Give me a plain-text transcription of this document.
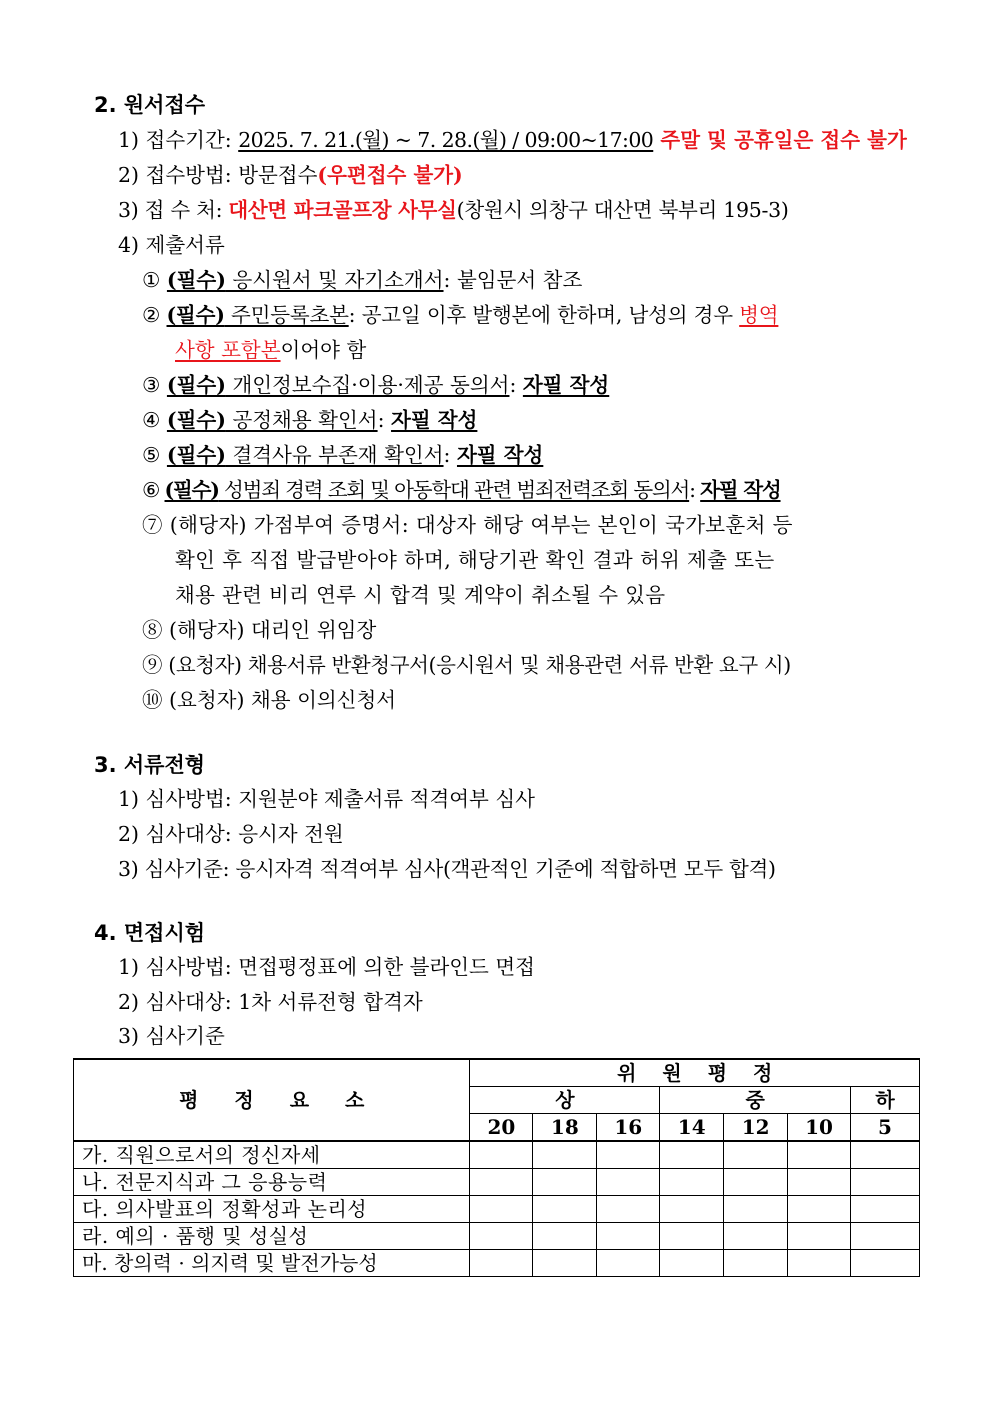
2. 원서접수
1) 접수기간: 2025. 7. 21.(월) ~ 7. 28.(월) / 09:00~17:00 주말 및 공휴일은 접수 불가
2) 접수방법: 방문접수(우편접수 불가)
3) 접 수 처: 대산면 파크골프장 사무실(창원시 의창구 대산면 북부리 195-3)
4) 제출서류
① (필수) 응시원서 및 자기소개서: 붙임문서 참조
② (필수) 주민등록초본: 공고일 이후 발행본에 한하며, 남성의 경우 병역
사항 포함본이어야 함
③ (필수) 개인정보수집·이용·제공 동의서: 자필 작성
④ (필수) 공정채용 확인서: 자필 작성
⑤ (필수) 결격사유 부존재 확인서: 자필 작성
⑥ (필수) 성범죄 경력 조회 및 아동학대 관련 범죄전력조회 동의서: 자필 작성
⑦ (해당자) 가점부여 증명서: 대상자 해당 여부는 본인이 국가보훈처 등
확인 후 직접 발급받아야 하며, 해당기관 확인 결과 허위 제출 또는
채용 관련 비리 연루 시 합격 및 계약이 취소될 수 있음
⑧ (해당자) 대리인 위임장
⑨ (요청자) 채용서류 반환청구서(응시원서 및 채용관련 서류 반환 요구 시)
⑩ (요청자) 채용 이의신청서
3. 서류전형
1) 심사방법: 지원분야 제출서류 적격여부 심사
2) 심사대상: 응시자 전원
3) 심사기준: 응시자격 적격여부 심사(객관적인 기준에 적합하면 모두 합격)
4. 면접시험
1) 심사방법: 면접평정표에 의한 블라인드 면접
2) 심사대상: 1차 서류전형 합격자
3) 심사기준
평정요소	위원평정						
	상			중			하
	20	18	16	14	12	10	5
가. 직원으로서의 정신자세							
나. 전문지식과 그 응용능력							
다. 의사발표의 정확성과 논리성							
라. 예의 · 품행 및 성실성							
마. 창의력 · 의지력 및 발전가능성							
